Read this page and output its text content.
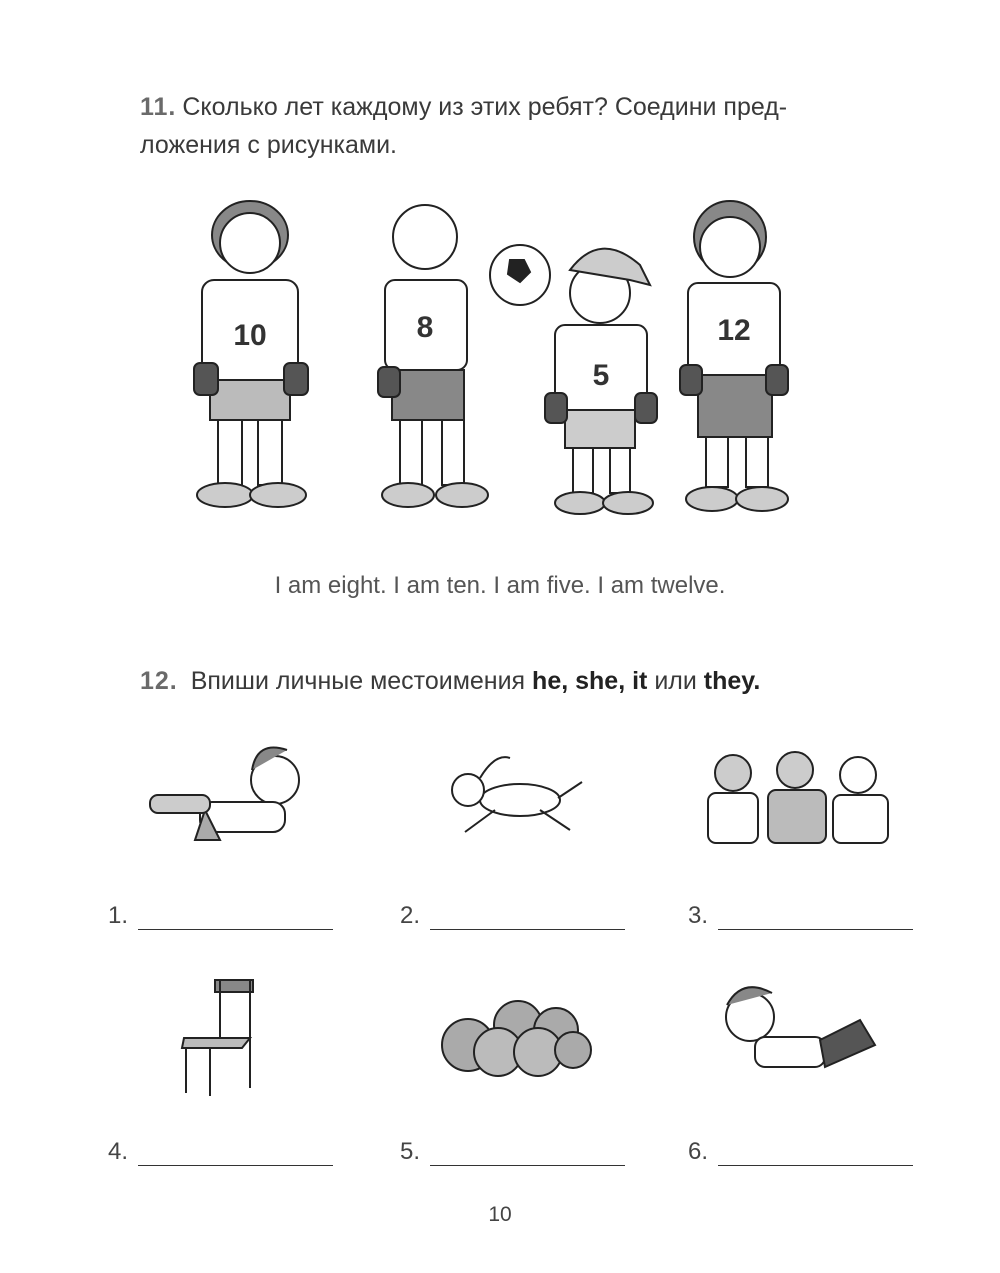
11. Сколько лет каждому из этих ребят? Соедини пред-
ложения с рисунками.
10	8
5
12
I am eight. I am ten. I am five. I am twelve.
12. Впиши личные местоимения he, she, it или they.
1.	2.	3.
4.	5.	6.
10
